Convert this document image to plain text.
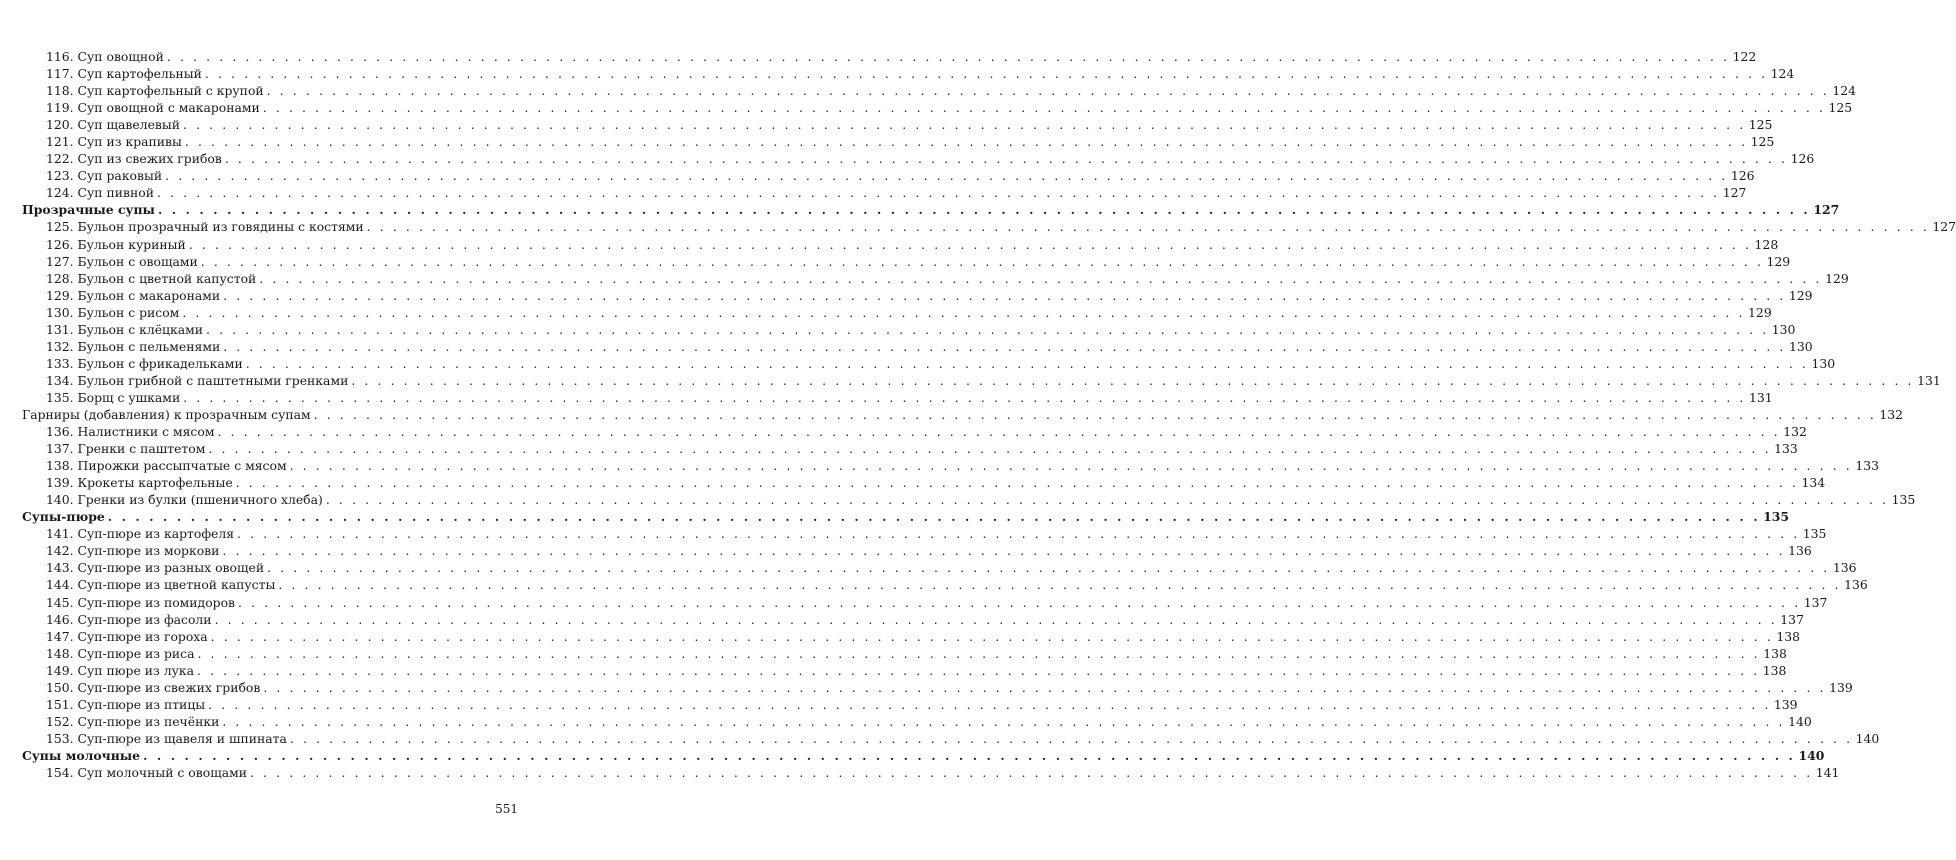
116. Суп овощной . . . . . . . . . . . . . . . . . . . . . . . . . . . . . . . . . . . . . . . . . . . . . . . . . . . . . . . . . . . . . . . . . . . . . . . . . . . . . . . . . . . . . . . . . . . . . . . . . . . . . . . . . . . . . . . . . . . . . . . . 122
117. Суп картофельный . . . . . . . . . . . . . . . . . . . . . . . . . . . . . . . . . . . . . . . . . . . . . . . . . . . . . . . . . . . . . . . . . . . . . . . . . . . . . . . . . . . . . . . . . . . . . . . . . . . . . . . . . . . . . . . . . . . . . . . . 124
118. Суп картофельный с крупой . . . . . . . . . . . . . . . . . . . . . . . . . . . . . . . . . . . . . . . . . . . . . . . . . . . . . . . . . . . . . . . . . . . . . . . . . . . . . . . . . . . . . . . . . . . . . . . . . . . . . . . . . . . . . . . . . . . . . . . . 124
119. Суп овощной с макаронами . . . . . . . . . . . . . . . . . . . . . . . . . . . . . . . . . . . . . . . . . . . . . . . . . . . . . . . . . . . . . . . . . . . . . . . . . . . . . . . . . . . . . . . . . . . . . . . . . . . . . . . . . . . . . . . . . . . . . . . . 125
120. Суп щавелевый . . . . . . . . . . . . . . . . . . . . . . . . . . . . . . . . . . . . . . . . . . . . . . . . . . . . . . . . . . . . . . . . . . . . . . . . . . . . . . . . . . . . . . . . . . . . . . . . . . . . . . . . . . . . . . . . . . . . . . . . 125
121. Суп из крапивы . . . . . . . . . . . . . . . . . . . . . . . . . . . . . . . . . . . . . . . . . . . . . . . . . . . . . . . . . . . . . . . . . . . . . . . . . . . . . . . . . . . . . . . . . . . . . . . . . . . . . . . . . . . . . . . . . . . . . . . . 125
122. Суп из свежих грибов . . . . . . . . . . . . . . . . . . . . . . . . . . . . . . . . . . . . . . . . . . . . . . . . . . . . . . . . . . . . . . . . . . . . . . . . . . . . . . . . . . . . . . . . . . . . . . . . . . . . . . . . . . . . . . . . . . . . . . . . 126
123. Суп раковый . . . . . . . . . . . . . . . . . . . . . . . . . . . . . . . . . . . . . . . . . . . . . . . . . . . . . . . . . . . . . . . . . . . . . . . . . . . . . . . . . . . . . . . . . . . . . . . . . . . . . . . . . . . . . . . . . . . . . . . . 126
124. Суп пивной . . . . . . . . . . . . . . . . . . . . . . . . . . . . . . . . . . . . . . . . . . . . . . . . . . . . . . . . . . . . . . . . . . . . . . . . . . . . . . . . . . . . . . . . . . . . . . . . . . . . . . . . . . . . . . . . . . . . . . . . 127
Прозрачные супы . . . . . . . . . . . . . . . . . . . . . . . . . . . . . . . . . . . . . . . . . . . . . . . . . . . . . . . . . . . . . . . . . . . . . . . . . . . . . . . . . . . . . . . . . . . . . . . . . . . . . . . . . . . . . . . . . . . . . . . . 127
125. Бульон прозрачный из говядины с костями . . . . . . . . . . . . . . . . . . . . . . . . . . . . . . . . . . . . . . . . . . . . . . . . . . . . . . . . . . . . . . . . . . . . . . . . . . . . . . . . . . . . . . . . . . . . . . . . . . . . . . . . . . . . . . . . . . . . . . . . 127
126. Бульон куриный . . . . . . . . . . . . . . . . . . . . . . . . . . . . . . . . . . . . . . . . . . . . . . . . . . . . . . . . . . . . . . . . . . . . . . . . . . . . . . . . . . . . . . . . . . . . . . . . . . . . . . . . . . . . . . . . . . . . . . . . 128
127. Бульон с овощами . . . . . . . . . . . . . . . . . . . . . . . . . . . . . . . . . . . . . . . . . . . . . . . . . . . . . . . . . . . . . . . . . . . . . . . . . . . . . . . . . . . . . . . . . . . . . . . . . . . . . . . . . . . . . . . . . . . . . . . . 129
128. Бульон с цветной капустой . . . . . . . . . . . . . . . . . . . . . . . . . . . . . . . . . . . . . . . . . . . . . . . . . . . . . . . . . . . . . . . . . . . . . . . . . . . . . . . . . . . . . . . . . . . . . . . . . . . . . . . . . . . . . . . . . . . . . . . . 129
129. Бульон с макаронами . . . . . . . . . . . . . . . . . . . . . . . . . . . . . . . . . . . . . . . . . . . . . . . . . . . . . . . . . . . . . . . . . . . . . . . . . . . . . . . . . . . . . . . . . . . . . . . . . . . . . . . . . . . . . . . . . . . . . . . . 129
130. Бульон с рисом . . . . . . . . . . . . . . . . . . . . . . . . . . . . . . . . . . . . . . . . . . . . . . . . . . . . . . . . . . . . . . . . . . . . . . . . . . . . . . . . . . . . . . . . . . . . . . . . . . . . . . . . . . . . . . . . . . . . . . . . 129
131. Бульон с клёцками . . . . . . . . . . . . . . . . . . . . . . . . . . . . . . . . . . . . . . . . . . . . . . . . . . . . . . . . . . . . . . . . . . . . . . . . . . . . . . . . . . . . . . . . . . . . . . . . . . . . . . . . . . . . . . . . . . . . . . . . 130
132. Бульон с пельменями . . . . . . . . . . . . . . . . . . . . . . . . . . . . . . . . . . . . . . . . . . . . . . . . . . . . . . . . . . . . . . . . . . . . . . . . . . . . . . . . . . . . . . . . . . . . . . . . . . . . . . . . . . . . . . . . . . . . . . . . 130
133. Бульон с фрикадельками . . . . . . . . . . . . . . . . . . . . . . . . . . . . . . . . . . . . . . . . . . . . . . . . . . . . . . . . . . . . . . . . . . . . . . . . . . . . . . . . . . . . . . . . . . . . . . . . . . . . . . . . . . . . . . . . . . . . . . . . 130
134. Бульон грибной с паштетными гренками . . . . . . . . . . . . . . . . . . . . . . . . . . . . . . . . . . . . . . . . . . . . . . . . . . . . . . . . . . . . . . . . . . . . . . . . . . . . . . . . . . . . . . . . . . . . . . . . . . . . . . . . . . . . . . . . . . . . . . . . 131
135. Борщ с ушками . . . . . . . . . . . . . . . . . . . . . . . . . . . . . . . . . . . . . . . . . . . . . . . . . . . . . . . . . . . . . . . . . . . . . . . . . . . . . . . . . . . . . . . . . . . . . . . . . . . . . . . . . . . . . . . . . . . . . . . . 131
Гарниры (добавления) к прозрачным супам . . . . . . . . . . . . . . . . . . . . . . . . . . . . . . . . . . . . . . . . . . . . . . . . . . . . . . . . . . . . . . . . . . . . . . . . . . . . . . . . . . . . . . . . . . . . . . . . . . . . . . . . . . . . . . . . . . . . . . . . 132
136. Налистники с мясом . . . . . . . . . . . . . . . . . . . . . . . . . . . . . . . . . . . . . . . . . . . . . . . . . . . . . . . . . . . . . . . . . . . . . . . . . . . . . . . . . . . . . . . . . . . . . . . . . . . . . . . . . . . . . . . . . . . . . . . . 132
137. Гренки с паштетом . . . . . . . . . . . . . . . . . . . . . . . . . . . . . . . . . . . . . . . . . . . . . . . . . . . . . . . . . . . . . . . . . . . . . . . . . . . . . . . . . . . . . . . . . . . . . . . . . . . . . . . . . . . . . . . . . . . . . . . . 133
138. Пирожки рассыпчатые с мясом . . . . . . . . . . . . . . . . . . . . . . . . . . . . . . . . . . . . . . . . . . . . . . . . . . . . . . . . . . . . . . . . . . . . . . . . . . . . . . . . . . . . . . . . . . . . . . . . . . . . . . . . . . . . . . . . . . . . . . . . 133
139. Крокеты картофельные . . . . . . . . . . . . . . . . . . . . . . . . . . . . . . . . . . . . . . . . . . . . . . . . . . . . . . . . . . . . . . . . . . . . . . . . . . . . . . . . . . . . . . . . . . . . . . . . . . . . . . . . . . . . . . . . . . . . . . . . 134
140. Гренки из булки (пшеничного хлеба) . . . . . . . . . . . . . . . . . . . . . . . . . . . . . . . . . . . . . . . . . . . . . . . . . . . . . . . . . . . . . . . . . . . . . . . . . . . . . . . . . . . . . . . . . . . . . . . . . . . . . . . . . . . . . . . . . . . . . . . . 135
Супы-пюре . . . . . . . . . . . . . . . . . . . . . . . . . . . . . . . . . . . . . . . . . . . . . . . . . . . . . . . . . . . . . . . . . . . . . . . . . . . . . . . . . . . . . . . . . . . . . . . . . . . . . . . . . . . . . . . . . . . . . . . . 135
141. Суп-пюре из картофеля . . . . . . . . . . . . . . . . . . . . . . . . . . . . . . . . . . . . . . . . . . . . . . . . . . . . . . . . . . . . . . . . . . . . . . . . . . . . . . . . . . . . . . . . . . . . . . . . . . . . . . . . . . . . . . . . . . . . . . . . 135
142. Суп-пюре из моркови . . . . . . . . . . . . . . . . . . . . . . . . . . . . . . . . . . . . . . . . . . . . . . . . . . . . . . . . . . . . . . . . . . . . . . . . . . . . . . . . . . . . . . . . . . . . . . . . . . . . . . . . . . . . . . . . . . . . . . . . 136
143. Суп-пюре из разных овощей . . . . . . . . . . . . . . . . . . . . . . . . . . . . . . . . . . . . . . . . . . . . . . . . . . . . . . . . . . . . . . . . . . . . . . . . . . . . . . . . . . . . . . . . . . . . . . . . . . . . . . . . . . . . . . . . . . . . . . . . 136
144. Суп-пюре из цветной капусты . . . . . . . . . . . . . . . . . . . . . . . . . . . . . . . . . . . . . . . . . . . . . . . . . . . . . . . . . . . . . . . . . . . . . . . . . . . . . . . . . . . . . . . . . . . . . . . . . . . . . . . . . . . . . . . . . . . . . . . . 136
145. Суп-пюре из помидоров . . . . . . . . . . . . . . . . . . . . . . . . . . . . . . . . . . . . . . . . . . . . . . . . . . . . . . . . . . . . . . . . . . . . . . . . . . . . . . . . . . . . . . . . . . . . . . . . . . . . . . . . . . . . . . . . . . . . . . . . 137
146. Суп-пюре из фасоли . . . . . . . . . . . . . . . . . . . . . . . . . . . . . . . . . . . . . . . . . . . . . . . . . . . . . . . . . . . . . . . . . . . . . . . . . . . . . . . . . . . . . . . . . . . . . . . . . . . . . . . . . . . . . . . . . . . . . . . . 137
147. Суп-пюре из гороха . . . . . . . . . . . . . . . . . . . . . . . . . . . . . . . . . . . . . . . . . . . . . . . . . . . . . . . . . . . . . . . . . . . . . . . . . . . . . . . . . . . . . . . . . . . . . . . . . . . . . . . . . . . . . . . . . . . . . . . . 138
148. Суп-пюре из риса . . . . . . . . . . . . . . . . . . . . . . . . . . . . . . . . . . . . . . . . . . . . . . . . . . . . . . . . . . . . . . . . . . . . . . . . . . . . . . . . . . . . . . . . . . . . . . . . . . . . . . . . . . . . . . . . . . . . . . . . 138
149. Суп пюре из лука . . . . . . . . . . . . . . . . . . . . . . . . . . . . . . . . . . . . . . . . . . . . . . . . . . . . . . . . . . . . . . . . . . . . . . . . . . . . . . . . . . . . . . . . . . . . . . . . . . . . . . . . . . . . . . . . . . . . . . . . 138
150. Суп-пюре из свежих грибов . . . . . . . . . . . . . . . . . . . . . . . . . . . . . . . . . . . . . . . . . . . . . . . . . . . . . . . . . . . . . . . . . . . . . . . . . . . . . . . . . . . . . . . . . . . . . . . . . . . . . . . . . . . . . . . . . . . . . . . . 139
151. Суп-пюре из птицы . . . . . . . . . . . . . . . . . . . . . . . . . . . . . . . . . . . . . . . . . . . . . . . . . . . . . . . . . . . . . . . . . . . . . . . . . . . . . . . . . . . . . . . . . . . . . . . . . . . . . . . . . . . . . . . . . . . . . . . . 139
152. Суп-пюре из печёнки . . . . . . . . . . . . . . . . . . . . . . . . . . . . . . . . . . . . . . . . . . . . . . . . . . . . . . . . . . . . . . . . . . . . . . . . . . . . . . . . . . . . . . . . . . . . . . . . . . . . . . . . . . . . . . . . . . . . . . . . 140
153. Суп-пюре из щавеля и шпината . . . . . . . . . . . . . . . . . . . . . . . . . . . . . . . . . . . . . . . . . . . . . . . . . . . . . . . . . . . . . . . . . . . . . . . . . . . . . . . . . . . . . . . . . . . . . . . . . . . . . . . . . . . . . . . . . . . . . . . . 140
Супы молочные . . . . . . . . . . . . . . . . . . . . . . . . . . . . . . . . . . . . . . . . . . . . . . . . . . . . . . . . . . . . . . . . . . . . . . . . . . . . . . . . . . . . . . . . . . . . . . . . . . . . . . . . . . . . . . . . . . . . . . . . 140
154. Суп молочный с овощами . . . . . . . . . . . . . . . . . . . . . . . . . . . . . . . . . . . . . . . . . . . . . . . . . . . . . . . . . . . . . . . . . . . . . . . . . . . . . . . . . . . . . . . . . . . . . . . . . . . . . . . . . . . . . . . . . . . . . . . . 141
551
